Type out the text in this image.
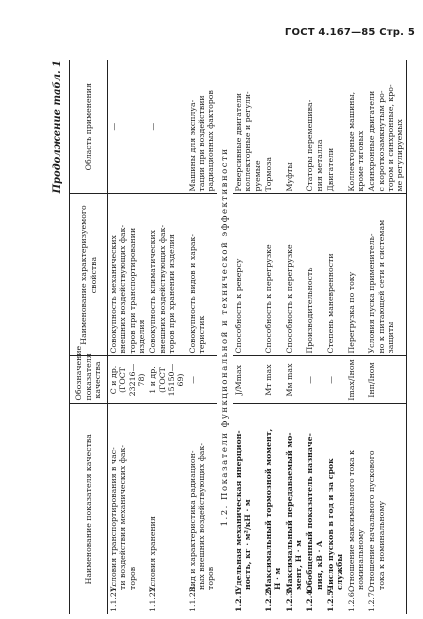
ГОСТ 4.167—85 Стр. 5
Продолжение табл. 1
Наименование показателя качества	Обозначение показателя качества	Наименование характеризуемого свойства	Область применения
1.1.21.Условия транспортирования в час-
ти воздействия механических фак-
торов	С и др.
(ГОСТ
23216—78)	Совокупность механических
внешних воздействующих фак-
торов при транспортировании
изделия	—
1.1.22.Условия хранения	1 и др.
(ГОСТ
15150—69)	Совокупность климатических
внешних воздействующих фак-
торов при хранении изделия	—
1.1.23.Вид и характеристика радиацион-
ных внешних воздействующих фак-
торов	—	Совокупность видов и харак-
теристик	Машины для эксплуа-
тации при воздействии
радиационных факторов
1.2. Показатели функциональной и технической эффективности			
1.2.1.Удельная механическая инерцион-
ность, кг · м²/кН · м	J/Mmax	Способность к реверсу	Реверсивные двигатели
коллекторные и регули-
руемые
1.2.2.Максимальный тормозной момент,
Н · м	Mт max	Способность к перегрузке	Тормоза
1.2.3.Максимальный передаваемый мо-
мент, Н · м	Mм max	Способность к перегрузке	Муфты
1.2.4.Обобщенный показатель назначе-
ния, кВ · А	—	Производительность	Статоры перемешива-
ния металла
1.2.5.Число пусков в год и за срок
службы	—	Степень маневренности	Двигатели
1.2.6.Отношение максимального тока к
номинальному	Imax/Iном	Перегрузка по току	Коллекторные машины,
кроме тяговых
1.2.7.Отношение начального пускового
тока к номинальному	Iнп/Iном	Условия пуска применитель-
но к питающей сети и системам
защиты	Асинхронные двигатели
с короткозамкнутым ро-
тором и синхронные, кро-
ме регулируемых
